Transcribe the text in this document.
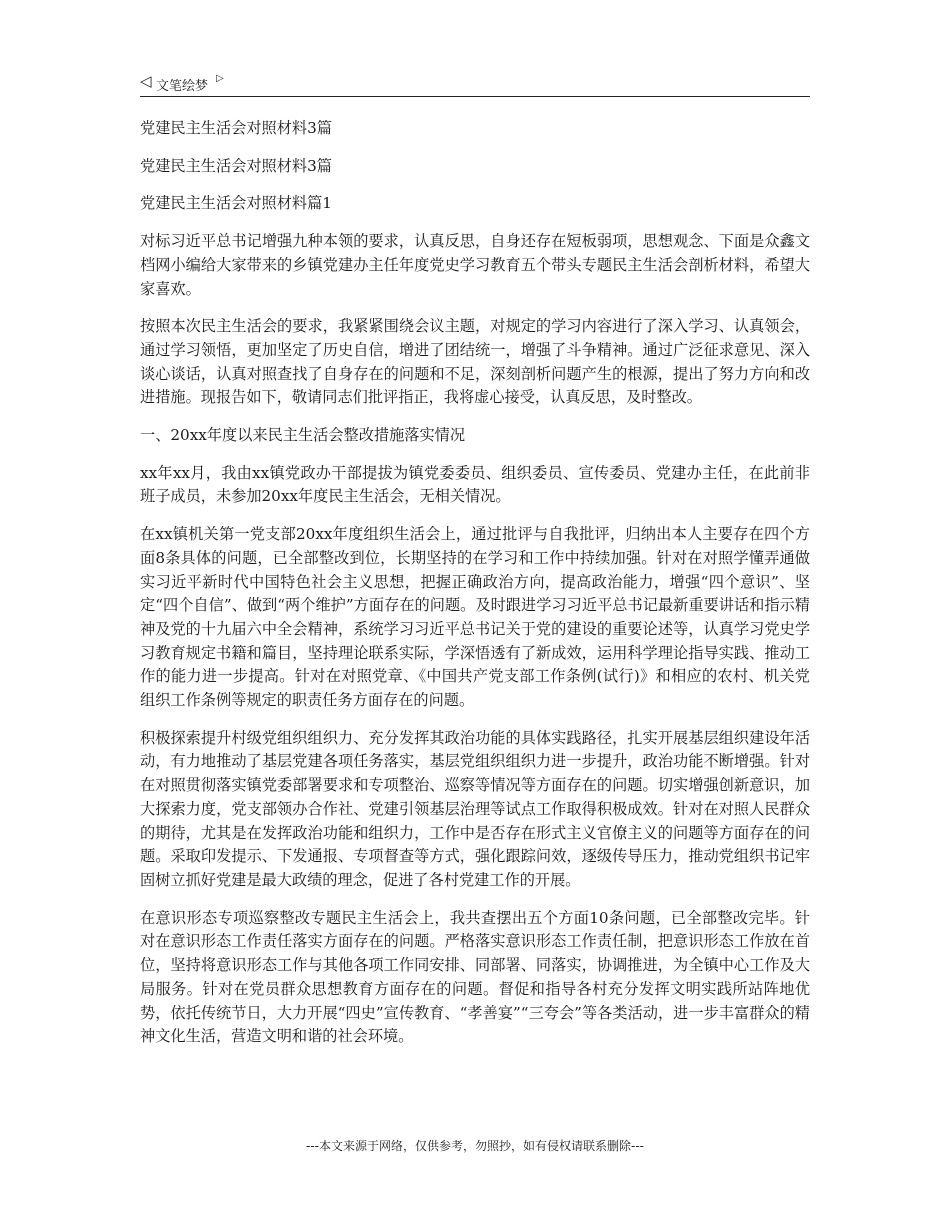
◁ 文笔绘梦
▷

党建民主生活会对照材料3篇

党建民主生活会对照材料3篇

党建民主生活会对照材料篇1

对标习近平总书记增强九种本领的要求，认真反思，自身还存在短板弱项，思想观念、下面是众鑫文档网小编给大家带来的乡镇党建办主任年度党史学习教育五个带头专题民主生活会剖析材料，希望大家喜欢。

按照本次民主生活会的要求，我紧紧围绕会议主题，对规定的学习内容进行了深入学习、认真领会，通过学习领悟，更加坚定了历史自信，增进了团结统一，增强了斗争精神。通过广泛征求意见、深入谈心谈话，认真对照查找了自身存在的问题和不足，深刻剖析问题产生的根源，提出了努力方向和改进措施。现报告如下，敬请同志们批评指正，我将虚心接受，认真反思，及时整改。

一、20xx年度以来民主生活会整改措施落实情况

xx年xx月，我由xx镇党政办干部提拔为镇党委委员、组织委员、宣传委员、党建办主任，在此前非班子成员，未参加20xx年度民主生活会，无相关情况。

在xx镇机关第一党支部20xx年度组织生活会上，通过批评与自我批评，归纳出本人主要存在四个方面8条具体的问题，已全部整改到位，长期坚持的在学习和工作中持续加强。针对在对照学懂弄通做实习近平新时代中国特色社会主义思想，把握正确政治方向，提高政治能力，增强“四个意识”、坚定“四个自信”、做到“两个维护”方面存在的问题。及时跟进学习习近平总书记最新重要讲话和指示精神及党的十九届六中全会精神，系统学习习近平总书记关于党的建设的重要论述等，认真学习党史学习教育规定书籍和篇目，坚持理论联系实际，学深悟透有了新成效，运用科学理论指导实践、推动工作的能力进一步提高。针对在对照党章、《中国共产党支部工作条例(试行)》和相应的农村、机关党组织工作条例等规定的职责任务方面存在的问题。

积极探索提升村级党组织组织力、充分发挥其政治功能的具体实践路径，扎实开展基层组织建设年活动，有力地推动了基层党建各项任务落实，基层党组织组织力进一步提升，政治功能不断增强。针对在对照贯彻落实镇党委部署要求和专项整治、巡察等情况等方面存在的问题。切实增强创新意识，加大探索力度，党支部领办合作社、党建引领基层治理等试点工作取得积极成效。针对在对照人民群众的期待，尤其是在发挥政治功能和组织力，工作中是否存在形式主义官僚主义的问题等方面存在的问题。采取印发提示、下发通报、专项督查等方式，强化跟踪问效，逐级传导压力，推动党组织书记牢固树立抓好党建是最大政绩的理念，促进了各村党建工作的开展。

在意识形态专项巡察整改专题民主生活会上，我共查摆出五个方面10条问题，已全部整改完毕。针对在意识形态工作责任落实方面存在的问题。严格落实意识形态工作责任制，把意识形态工作放在首位，坚持将意识形态工作与其他各项工作同安排、同部署、同落实，协调推进，为全镇中心工作及大局服务。针对在党员群众思想教育方面存在的问题。督促和指导各村充分发挥文明实践所站阵地优势，依托传统节日，大力开展“四史”宣传教育、“孝善宴”“三夸会”等各类活动，进一步丰富群众的精神文化生活，营造文明和谐的社会环境。

---本文来源于网络，仅供参考，勿照抄，如有侵权请联系删除---
